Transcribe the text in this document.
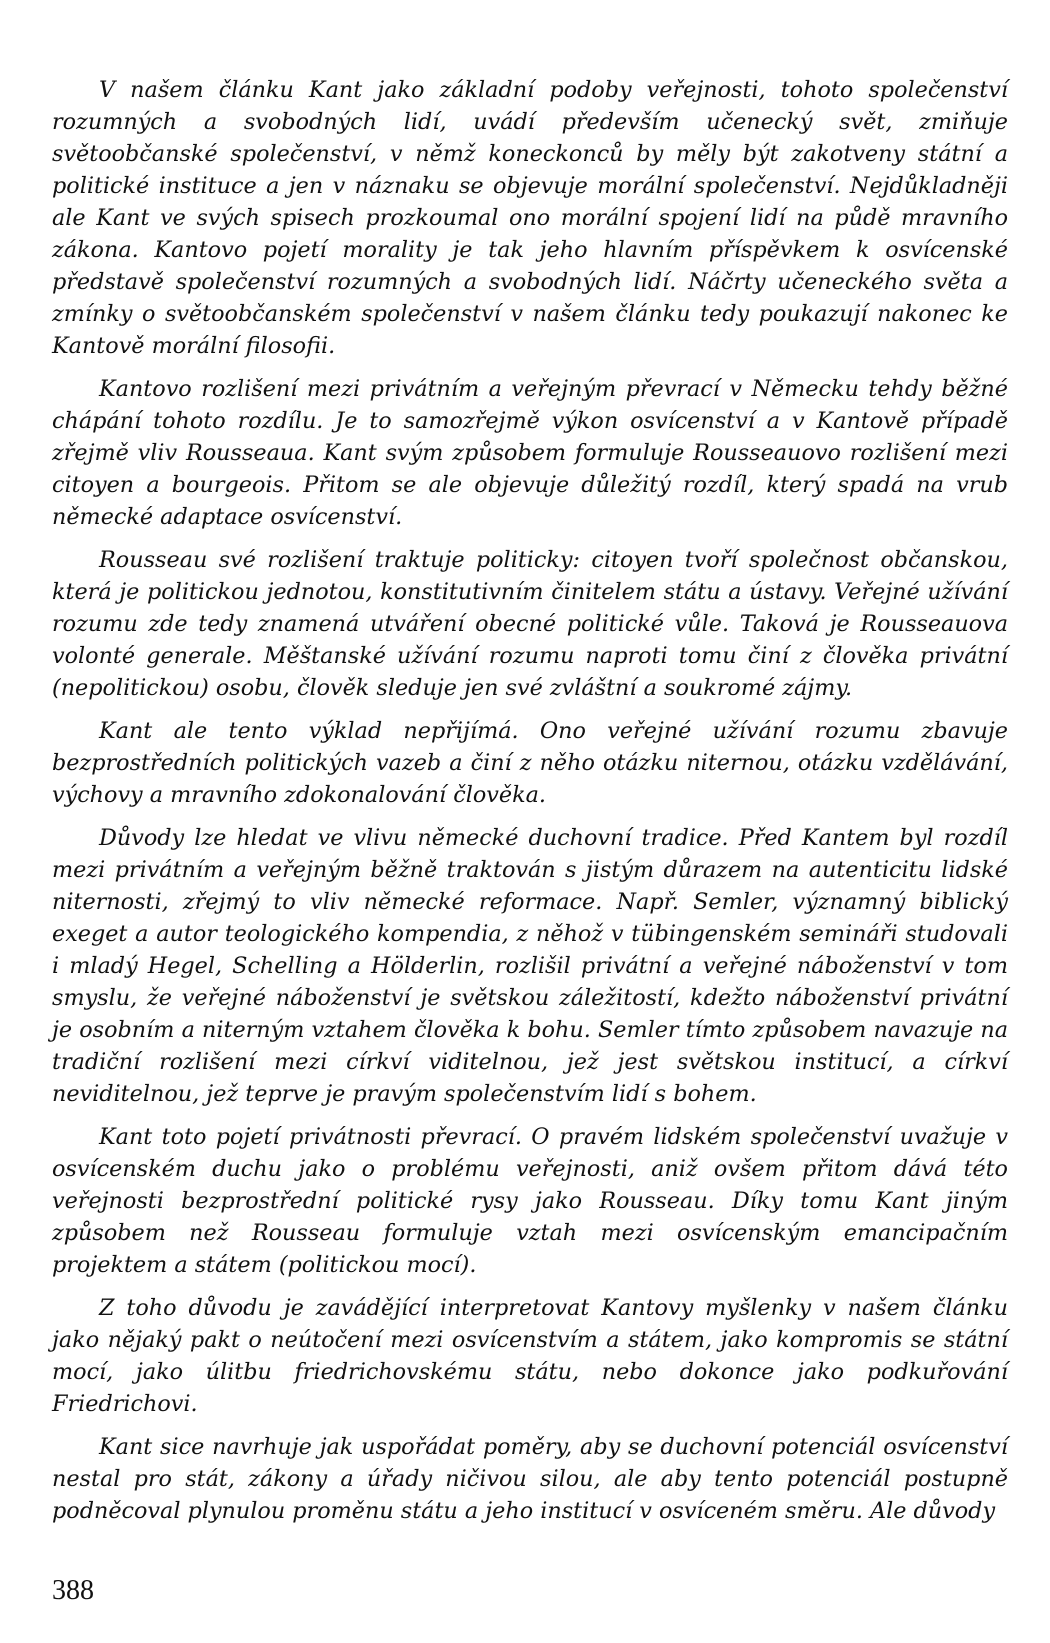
V našem článku Kant jako základní podoby veřejnosti, tohoto společenství rozumných a svobodných lidí, uvádí především učenecký svět, zmiňuje světoobčanské společenství, v němž koneckonců by měly být zakotveny státní a politické instituce a jen v náznaku se objevuje morální společenství. Nejdůkladněji ale Kant ve svých spisech prozkoumal ono morální spojení lidí na půdě mravního zákona. Kantovo pojetí morality je tak jeho hlavním příspěvkem k osvícenské představě společenství rozumných a svobodných lidí. Náčrty učeneckého světa a zmínky o světoobčanském společenství v našem článku tedy poukazují nakonec ke Kantově morální filosofii.

Kantovo rozlišení mezi privátním a veřejným převrací v Německu tehdy běžné chápání tohoto rozdílu. Je to samozřejmě výkon osvícenství a v Kantově případě zřejmě vliv Rousseaua. Kant svým způsobem formuluje Rousseauovo rozlišení mezi citoyen a bourgeois. Přitom se ale objevuje důležitý rozdíl, který spadá na vrub německé adaptace osvícenství.

Rousseau své rozlišení traktuje politicky: citoyen tvoří společnost občanskou, která je politickou jednotou, konstitutivním činitelem státu a ústavy. Veřejné užívání rozumu zde tedy znamená utváření obecné politické vůle. Taková je Rousseauova volonté generale. Měštanské užívání rozumu naproti tomu činí z člověka privátní (nepolitickou) osobu, člověk sleduje jen své zvláštní a soukromé zájmy.

Kant ale tento výklad nepřijímá. Ono veřejné užívání rozumu zbavuje bezprostředních politických vazeb a činí z něho otázku niternou, otázku vzdělávání, výchovy a mravního zdokonalování člověka.

Důvody lze hledat ve vlivu německé duchovní tradice. Před Kantem byl rozdíl mezi privátním a veřejným běžně traktován s jistým důrazem na autenticitu lidské niternosti, zřejmý to vliv německé reformace. Např. Semler, významný biblický exeget a autor teologického kompendia, z něhož v tübingenském semináři studovali i mladý Hegel, Schelling a Hölderlin, rozlišil privátní a veřejné náboženství v tom smyslu, že veřejné náboženství je světskou záležitostí, kdežto náboženství privátní je osobním a niterným vztahem člověka k bohu. Semler tímto způsobem navazuje na tradiční rozlišení mezi církví viditelnou, jež jest světskou institucí, a církví neviditelnou, jež teprve je pravým společenstvím lidí s bohem.

Kant toto pojetí privátnosti převrací. O pravém lidském společenství uvažuje v osvícenském duchu jako o problému veřejnosti, aniž ovšem přitom dává této veřejnosti bezprostřední politické rysy jako Rousseau. Díky tomu Kant jiným způsobem než Rousseau formuluje vztah mezi osvícenským emancipačním projektem a státem (politickou mocí).

Z toho důvodu je zavádějící interpretovat Kantovy myšlenky v našem článku jako nějaký pakt o neútočení mezi osvícenstvím a státem, jako kompromis se státní mocí, jako úlitbu friedrichovskému státu, nebo dokonce jako podkuřování Friedrichovi.

Kant sice navrhuje jak uspořádat poměry, aby se duchovní potenciál osvícenství nestal pro stát, zákony a úřady ničivou silou, ale aby tento potenciál postupně podněcoval plynulou proměnu státu a jeho institucí v osvíceném směru. Ale důvody

388
